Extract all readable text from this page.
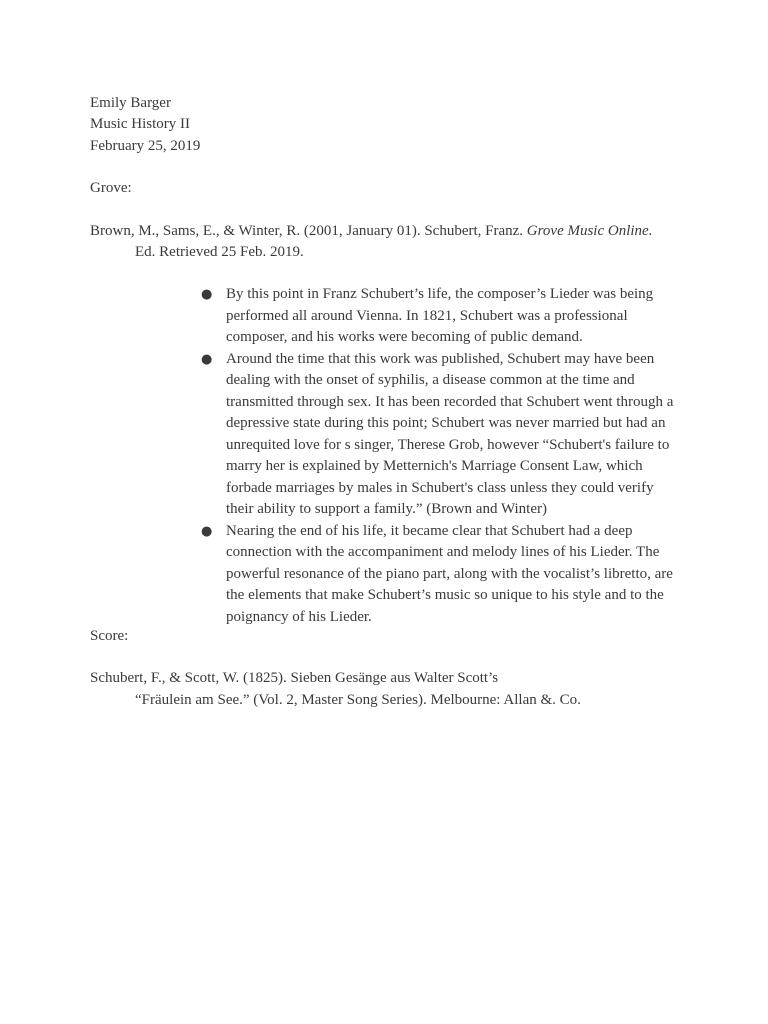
Emily Barger
Music History II
February 25, 2019
Grove:
Brown, M., Sams, E., & Winter, R. (2001, January 01). Schubert, Franz. Grove Music Online.
Ed. Retrieved 25 Feb. 2019.
● By this point in Franz Schubert’s life, the composer’s Lieder was being performed all around Vienna. In 1821, Schubert was a professional composer, and his works were becoming of public demand.
● Around the time that this work was published, Schubert may have been dealing with the onset of syphilis, a disease common at the time and transmitted through sex. It has been recorded that Schubert went through a depressive state during this point; Schubert was never married but had an unrequited love for s singer, Therese Grob, however “Schubert's failure to marry her is explained by Metternich's Marriage Consent Law, which forbade marriages by males in Schubert's class unless they could verify their ability to support a family.” (Brown and Winter)
● Nearing the end of his life, it became clear that Schubert had a deep connection with the accompaniment and melody lines of his Lieder. The powerful resonance of the piano part, along with the vocalist’s libretto, are the elements that make Schubert’s music so unique to his style and to the poignancy of his Lieder.
Score:
Schubert, F., & Scott, W. (1825). Sieben Gesänge aus Walter Scott’s
“Fräulein am See.” (Vol. 2, Master Song Series). Melbourne: Allan &. Co.
